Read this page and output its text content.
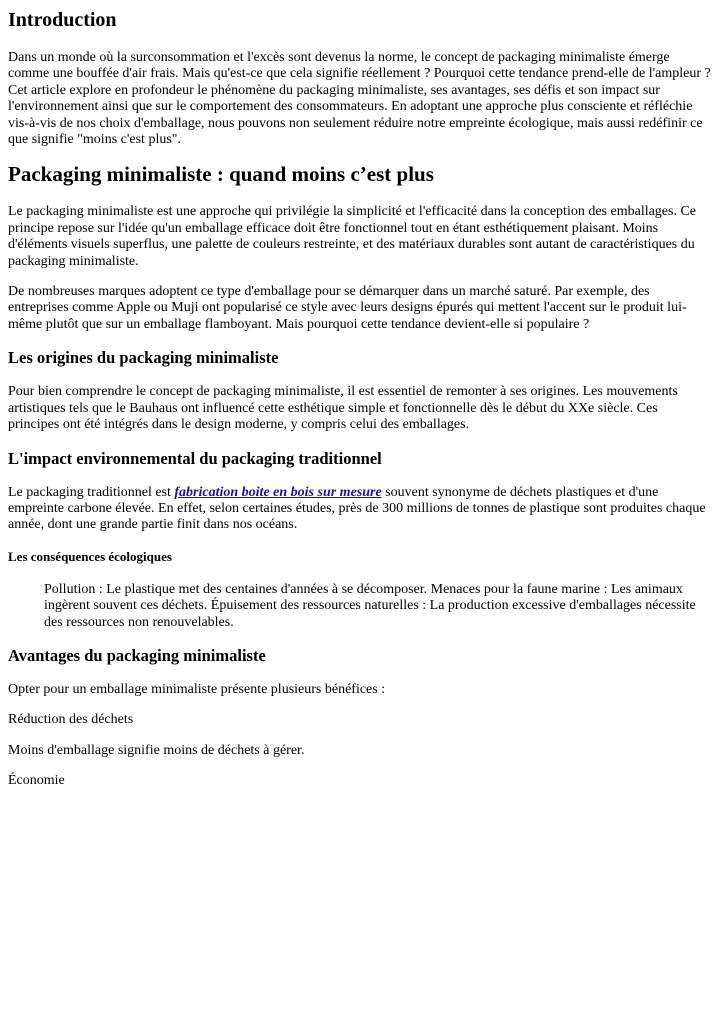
Introduction

Dans un monde où la surconsommation et l'excès sont devenus la norme, le concept de packaging minimaliste émerge comme une bouffée d'air frais. Mais qu'est-ce que cela signifie réellement ? Pourquoi cette tendance prend-elle de l'ampleur ? Cet article explore en profondeur le phénomène du packaging minimaliste, ses avantages, ses défis et son impact sur l'environnement ainsi que sur le comportement des consommateurs. En adoptant une approche plus consciente et réfléchie vis-à-vis de nos choix d'emballage, nous pouvons non seulement réduire notre empreinte écologique, mais aussi redéfinir ce que signifie "moins c'est plus".

Packaging minimaliste : quand moins c’est plus

Le packaging minimaliste est une approche qui privilégie la simplicité et l'efficacité dans la conception des emballages. Ce principe repose sur l'idée qu'un emballage efficace doit être fonctionnel tout en étant esthétiquement plaisant. Moins d'éléments visuels superflus, une palette de couleurs restreinte, et des matériaux durables sont autant de caractéristiques du packaging minimaliste.

De nombreuses marques adoptent ce type d'emballage pour se démarquer dans un marché saturé. Par exemple, des entreprises comme Apple ou Muji ont popularisé ce style avec leurs designs épurés qui mettent l'accent sur le produit lui-même plutôt que sur un emballage flamboyant. Mais pourquoi cette tendance devient-elle si populaire ?

Les origines du packaging minimaliste

Pour bien comprendre le concept de packaging minimaliste, il est essentiel de remonter à ses origines. Les mouvements artistiques tels que le Bauhaus ont influencé cette esthétique simple et fonctionnelle dès le début du XXe siècle. Ces principes ont été intégrés dans le design moderne, y compris celui des emballages.

L'impact environnemental du packaging traditionnel

Le packaging traditionnel est fabrication boite en bois sur mesure souvent synonyme de déchets plastiques et d'une empreinte carbone élevée. En effet, selon certaines études, près de 300 millions de tonnes de plastique sont produites chaque année, dont une grande partie finit dans nos océans.

Les conséquences écologiques
Pollution : Le plastique met des centaines d'années à se décomposer. Menaces pour la faune marine : Les animaux ingèrent souvent ces déchets. Épuisement des ressources naturelles : La production excessive d'emballages nécessite des ressources non renouvelables.
Avantages du packaging minimaliste

Opter pour un emballage minimaliste présente plusieurs bénéfices :

Réduction des déchets

Moins d'emballage signifie moins de déchets à gérer.

Économie
